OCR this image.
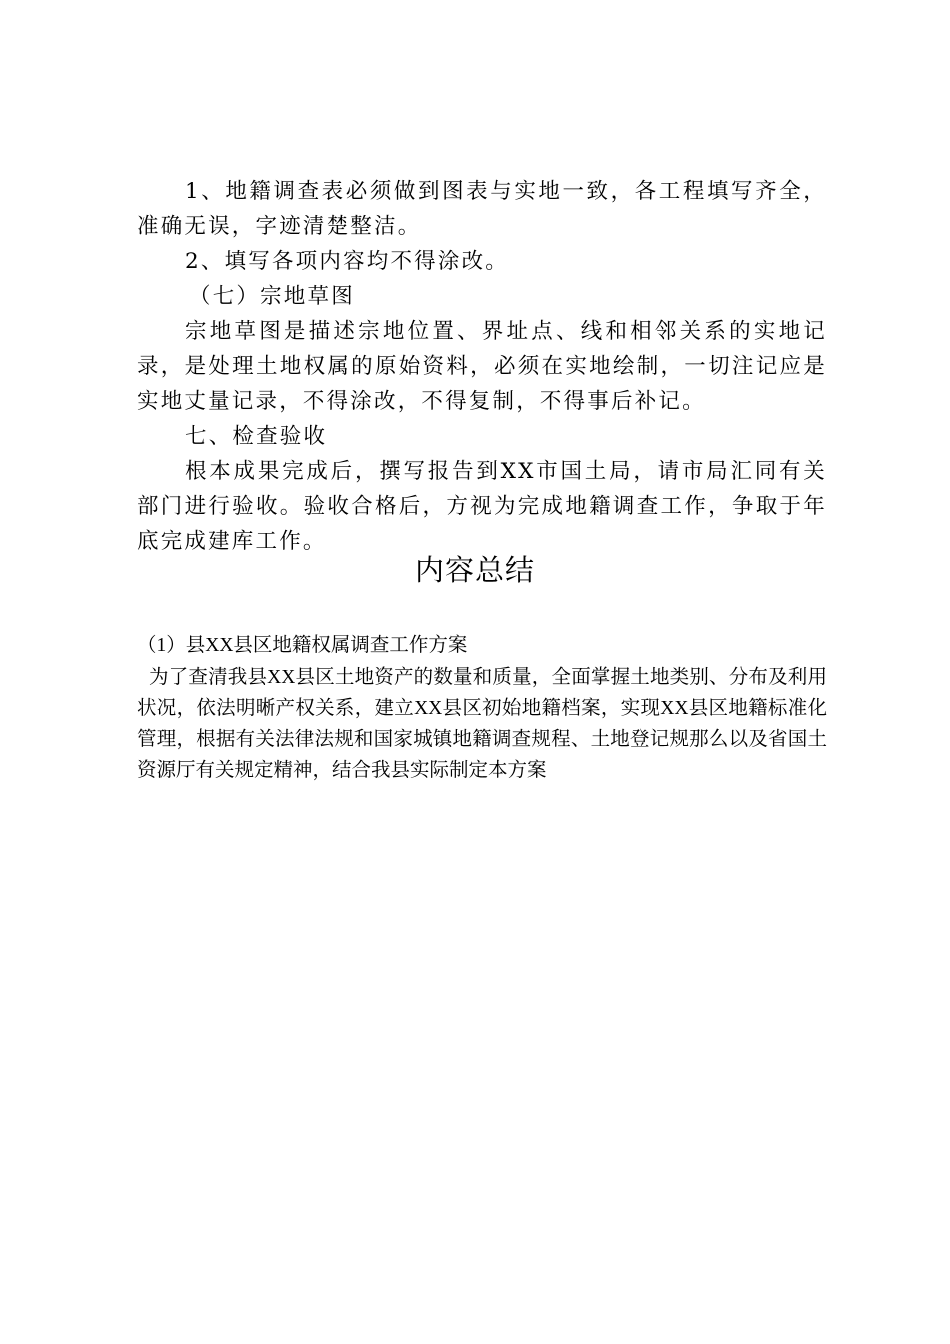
1、地籍调查表必须做到图表与实地一致，各工程填写齐全，准确无误，字迹清楚整洁。

2、填写各项内容均不得涂改。

（七）宗地草图

宗地草图是描述宗地位置、界址点、线和相邻关系的实地记录，是处理土地权属的原始资料，必须在实地绘制，一切注记应是实地丈量记录，不得涂改，不得复制，不得事后补记。

七、检查验收

根本成果完成后，撰写报告到XX市国土局，请市局汇同有关部门进行验收。验收合格后，方视为完成地籍调查工作，争取于年底完成建库工作。

内容总结

（1）县XX县区地籍权属调查工作方案

为了查清我县XX县区土地资产的数量和质量，全面掌握土地类别、分布及利用状况，依法明晰产权关系，建立XX县区初始地籍档案，实现XX县区地籍标准化管理，根据有关法律法规和国家城镇地籍调查规程、土地登记规那么以及省国土资源厅有关规定精神，结合我县实际制定本方案
